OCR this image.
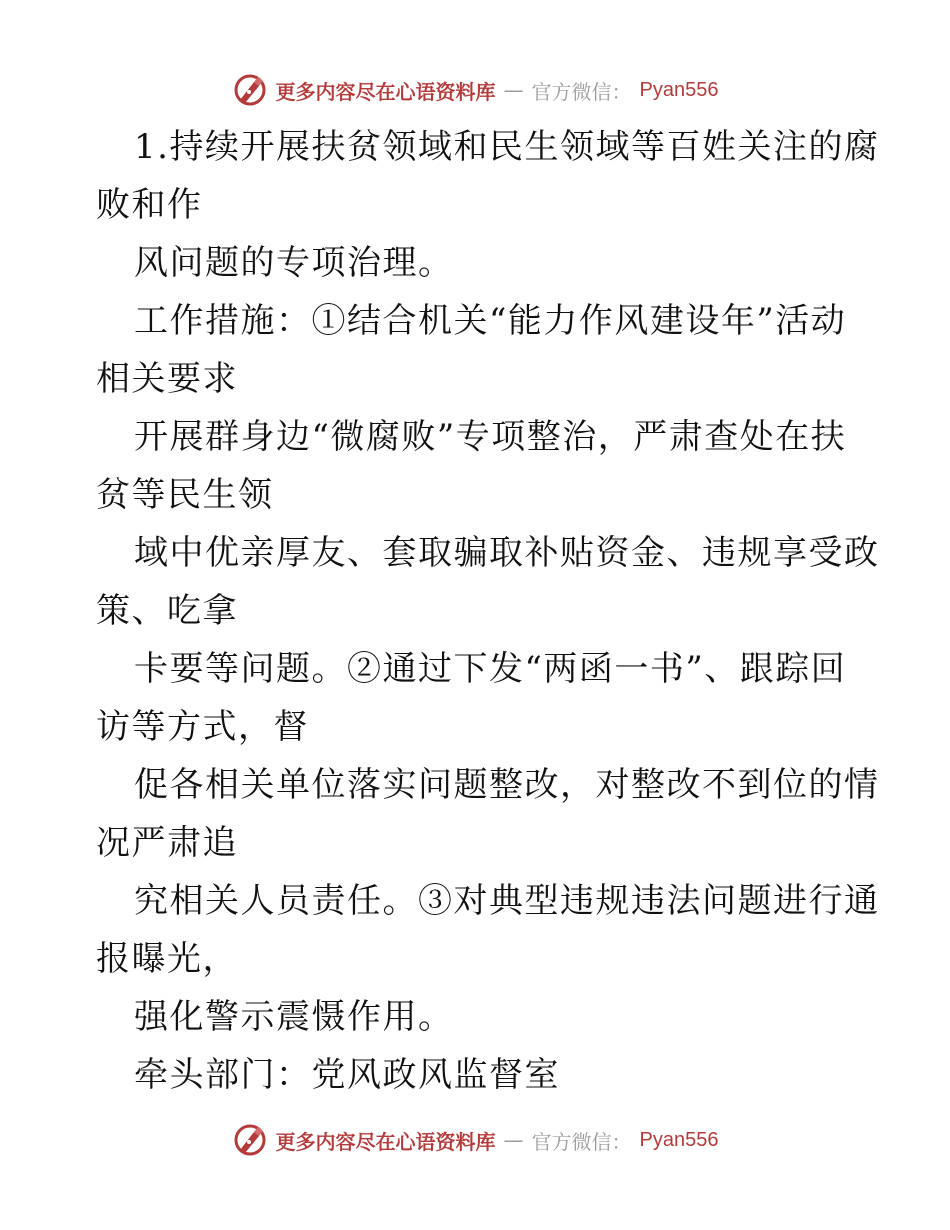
更多内容尽在心语资料库 — 官方微信： Pyan556
1.持续开展扶贫领域和民生领域等百姓关注的腐
败和作
风问题的专项治理。
工作措施：①结合机关“能力作风建设年”活动
相关要求
开展群身边“微腐败”专项整治，严肃查处在扶
贫等民生领
域中优亲厚友、套取骗取补贴资金、违规享受政
策、吃拿
卡要等问题。②通过下发“两函一书”、跟踪回
访等方式，督
促各相关单位落实问题整改，对整改不到位的情
况严肃追
究相关人员责任。③对典型违规违法问题进行通
报曝光，
强化警示震慑作用。
牵头部门：党风政风监督室
更多内容尽在心语资料库 — 官方微信： Pyan556
